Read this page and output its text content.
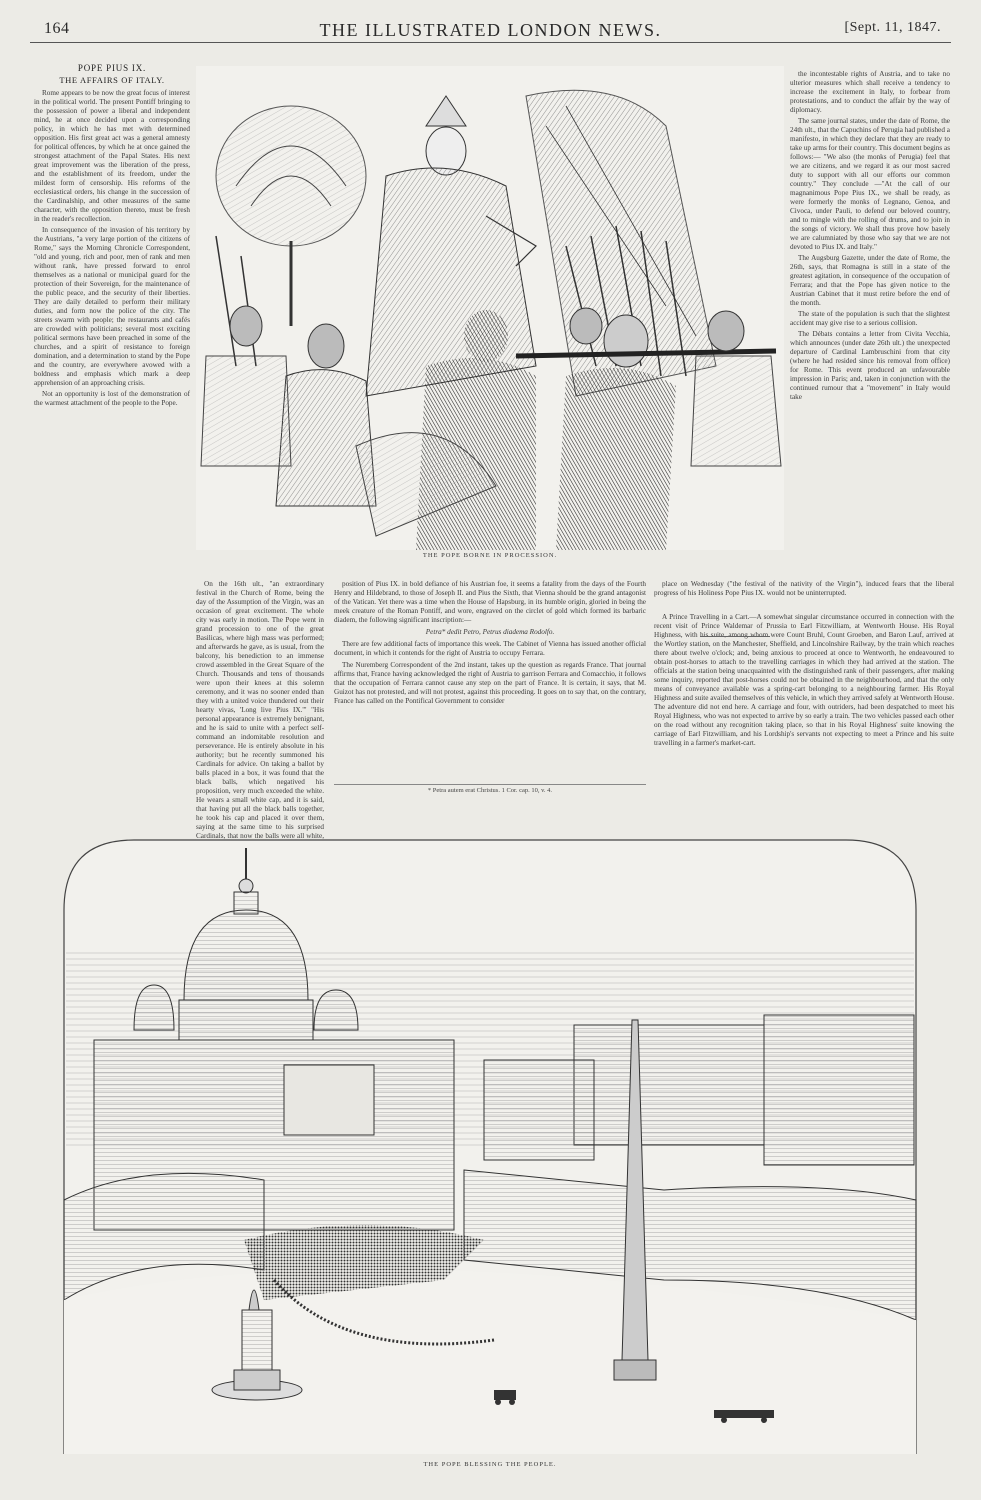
164	THE ILLUSTRATED LONDON NEWS.	[Sept. 11, 1847.
POPE PIUS IX.
THE AFFAIRS OF ITALY.

Rome appears to be now the great focus of interest in the political world. The present Pontiff bringing to the possession of power a liberal and independent mind, he at once decided upon a corresponding policy, in which he has met with determined opposition. His first great act was a general amnesty for political offences, by which he at once gained the strongest attachment of the Papal States. His next great improvement was the liberation of the press, and the establishment of its freedom, under the mildest form of censorship. His reforms of the ecclesiastical orders, his change in the succession of the Cardinalship, and other measures of the same character, with the opposition thereto, must be fresh in the reader's recollection.

In consequence of the invasion of his territory by the Austrians, "a very large portion of the citizens of Rome," says the Morning Chronicle Correspondent, "old and young, rich and poor, men of rank and men without rank, have pressed forward to enrol themselves as a national or municipal guard for the protection of their Sovereign, for the maintenance of the public peace, and the security of their liberties. They are daily detailed to perform their military duties, and form now the police of the city. The streets swarm with people; the restaurants and cafés are crowded with politicians; several most exciting political sermons have been preached in some of the churches, and a spirit of resistance to foreign domination, and a determination to stand by the Pope and the country, are everywhere avowed with a boldness and emphasis which mark a deep apprehension of an approaching crisis.

Not an opportunity is lost of the demonstration of the warmest attachment of the people to the Pope.

THE POPE BORNE IN PROCESSION.

the incontestable rights of Austria, and to take no ulterior measures which shall receive a tendency to increase the excitement in Italy, to forbear from protestations, and to conduct the affair by the way of diplomacy.

The same journal states, under the date of Rome, the 24th ult., that the Capuchins of Perugia had published a manifesto, in which they declare that they are ready to take up arms for their country. This document begins as follows:— "We also (the monks of Perugia) feel that we are citizens, and we regard it as our most sacred duty to support with all our efforts our common country." They conclude —"At the call of our magnanimous Pope Pius IX., we shall be ready, as were formerly the monks of Legnano, Genoa, and Civoca, under Pauli, to defend our beloved country, and to mingle with the rolling of drums, and to join in the songs of victory. We shall thus prove how basely we are calumniated by those who say that we are not devoted to Pius IX. and Italy."

The Augsburg Gazette, under the date of Rome, the 26th, says, that Romagna is still in a state of the greatest agitation, in consequence of the occupation of Ferrara; and that the Pope has given notice to the Austrian Cabinet that it must retire before the end of the month.

The state of the population is such that the slightest accident may give rise to a serious collision.

The Débats contains a letter from Civita Vecchia, which announces (under date 26th ult.) the unexpected departure of Cardinal Lambruschini from that city (where he had resided since his removal from office) for Rome. This event produced an unfavourable impression in Paris; and, taken in conjunction with the continued rumour that a "movement" in Italy would take

On the 16th ult., "an extraordinary festival in the Church of Rome, being the day of the Assumption of the Virgin, was an occasion of great excitement. The whole city was early in motion. The Pope went in grand procession to one of the great Basilicas, where high mass was performed; and afterwards he gave, as is usual, from the balcony, his benediction to an immense crowd assembled in the Great Square of the Church. Thousands and tens of thousands were upon their knees at this solemn ceremony, and it was no sooner ended than they with a united voice thundered out their hearty vivas, 'Long live Pius IX.'" "His personal appearance is extremely benignant, and he is said to unite with a perfect self-command an indomitable resolution and perseverance. He is entirely absolute in his authority; but he recently summoned his Cardinals for advice. On taking a ballot by balls placed in a box, it was found that the black balls, which negatived his proposition, very much exceeded the white. He wears a small white cap, and it is said, that having put all the black balls together, he took his cap and placed it over them, saying at the same time to his surprised Cardinals, that now the balls were all white,

position of Pius IX. in bold defiance of his Austrian foe, it seems a fatality from the days of the Fourth Henry and Hildebrand, to those of Joseph II. and Pius the Sixth, that Vienna should be the grand antagonist of the Vatican. Yet there was a time when the House of Hapsburg, in its humble origin, gloried in being the meek creature of the Roman Pontiff, and wore, engraved on the circlet of gold which formed its barbaric diadem, the following significant inscription:—

Petra* dedit Petro, Petrus diadema Rodolfo.

There are few additional facts of importance this week. The Cabinet of Vienna has issued another official document, in which it contends for the right of Austria to occupy Ferrara.

The Nuremberg Correspondent of the 2nd instant, takes up the question as regards France. That journal affirms that, France having acknowledged the right of Austria to garrison Ferrara and Comacchio, it follows that the occupation of Ferrara cannot cause any step on the part of France. It is certain, it says, that M. Guizot has not protested, and will not protest, against this proceeding. It goes on to say that, on the contrary, France has called on the Pontifical Government to consider

place on Wednesday ("the festival of the nativity of the Virgin"), induced fears that the liberal progress of his Holiness Pope Pius IX. would not be uninterrupted.

A Prince Travelling in a Cart.—A somewhat singular circumstance occurred in connection with the recent visit of Prince Waldemar of Prussia to Earl Fitzwilliam, at Wentworth House. His Royal Highness, with his suite, among whom were Count Bruhl, Count Groeben, and Baron Lauf, arrived at the Wortley station, on the Manchester, Sheffield, and Lincolnshire Railway, by the train which reaches there about twelve o'clock; and, being anxious to proceed at once to Wentworth, he endeavoured to obtain post-horses to attach to the travelling carriages in which they had arrived at the station. The officials at the station being unacquainted with the distinguished rank of their passengers, after making some inquiry, reported that post-horses could not be obtained in the neighbourhood, and that the only means of conveyance available was a spring-cart belonging to a neighbouring farmer. His Royal Highness and suite availed themselves of this vehicle, in which they arrived safely at Wentworth House. The adventure did not end here. A carriage and four, with outriders, had been despatched to meet his Royal Highness, who was not expected to arrive by so early a train. The two vehicles passed each other on the road without any recognition taking place, so that in his Royal Highness' suite knowing the carriage of Earl Fitzwilliam, and his Lordship's servants not expecting to meet a Prince and his suite travelling in a farmer's market-cart.

* Petra autem erat Christus. 1 Cor. cap. 10, v. 4.
THE POPE BLESSING THE PEOPLE.
